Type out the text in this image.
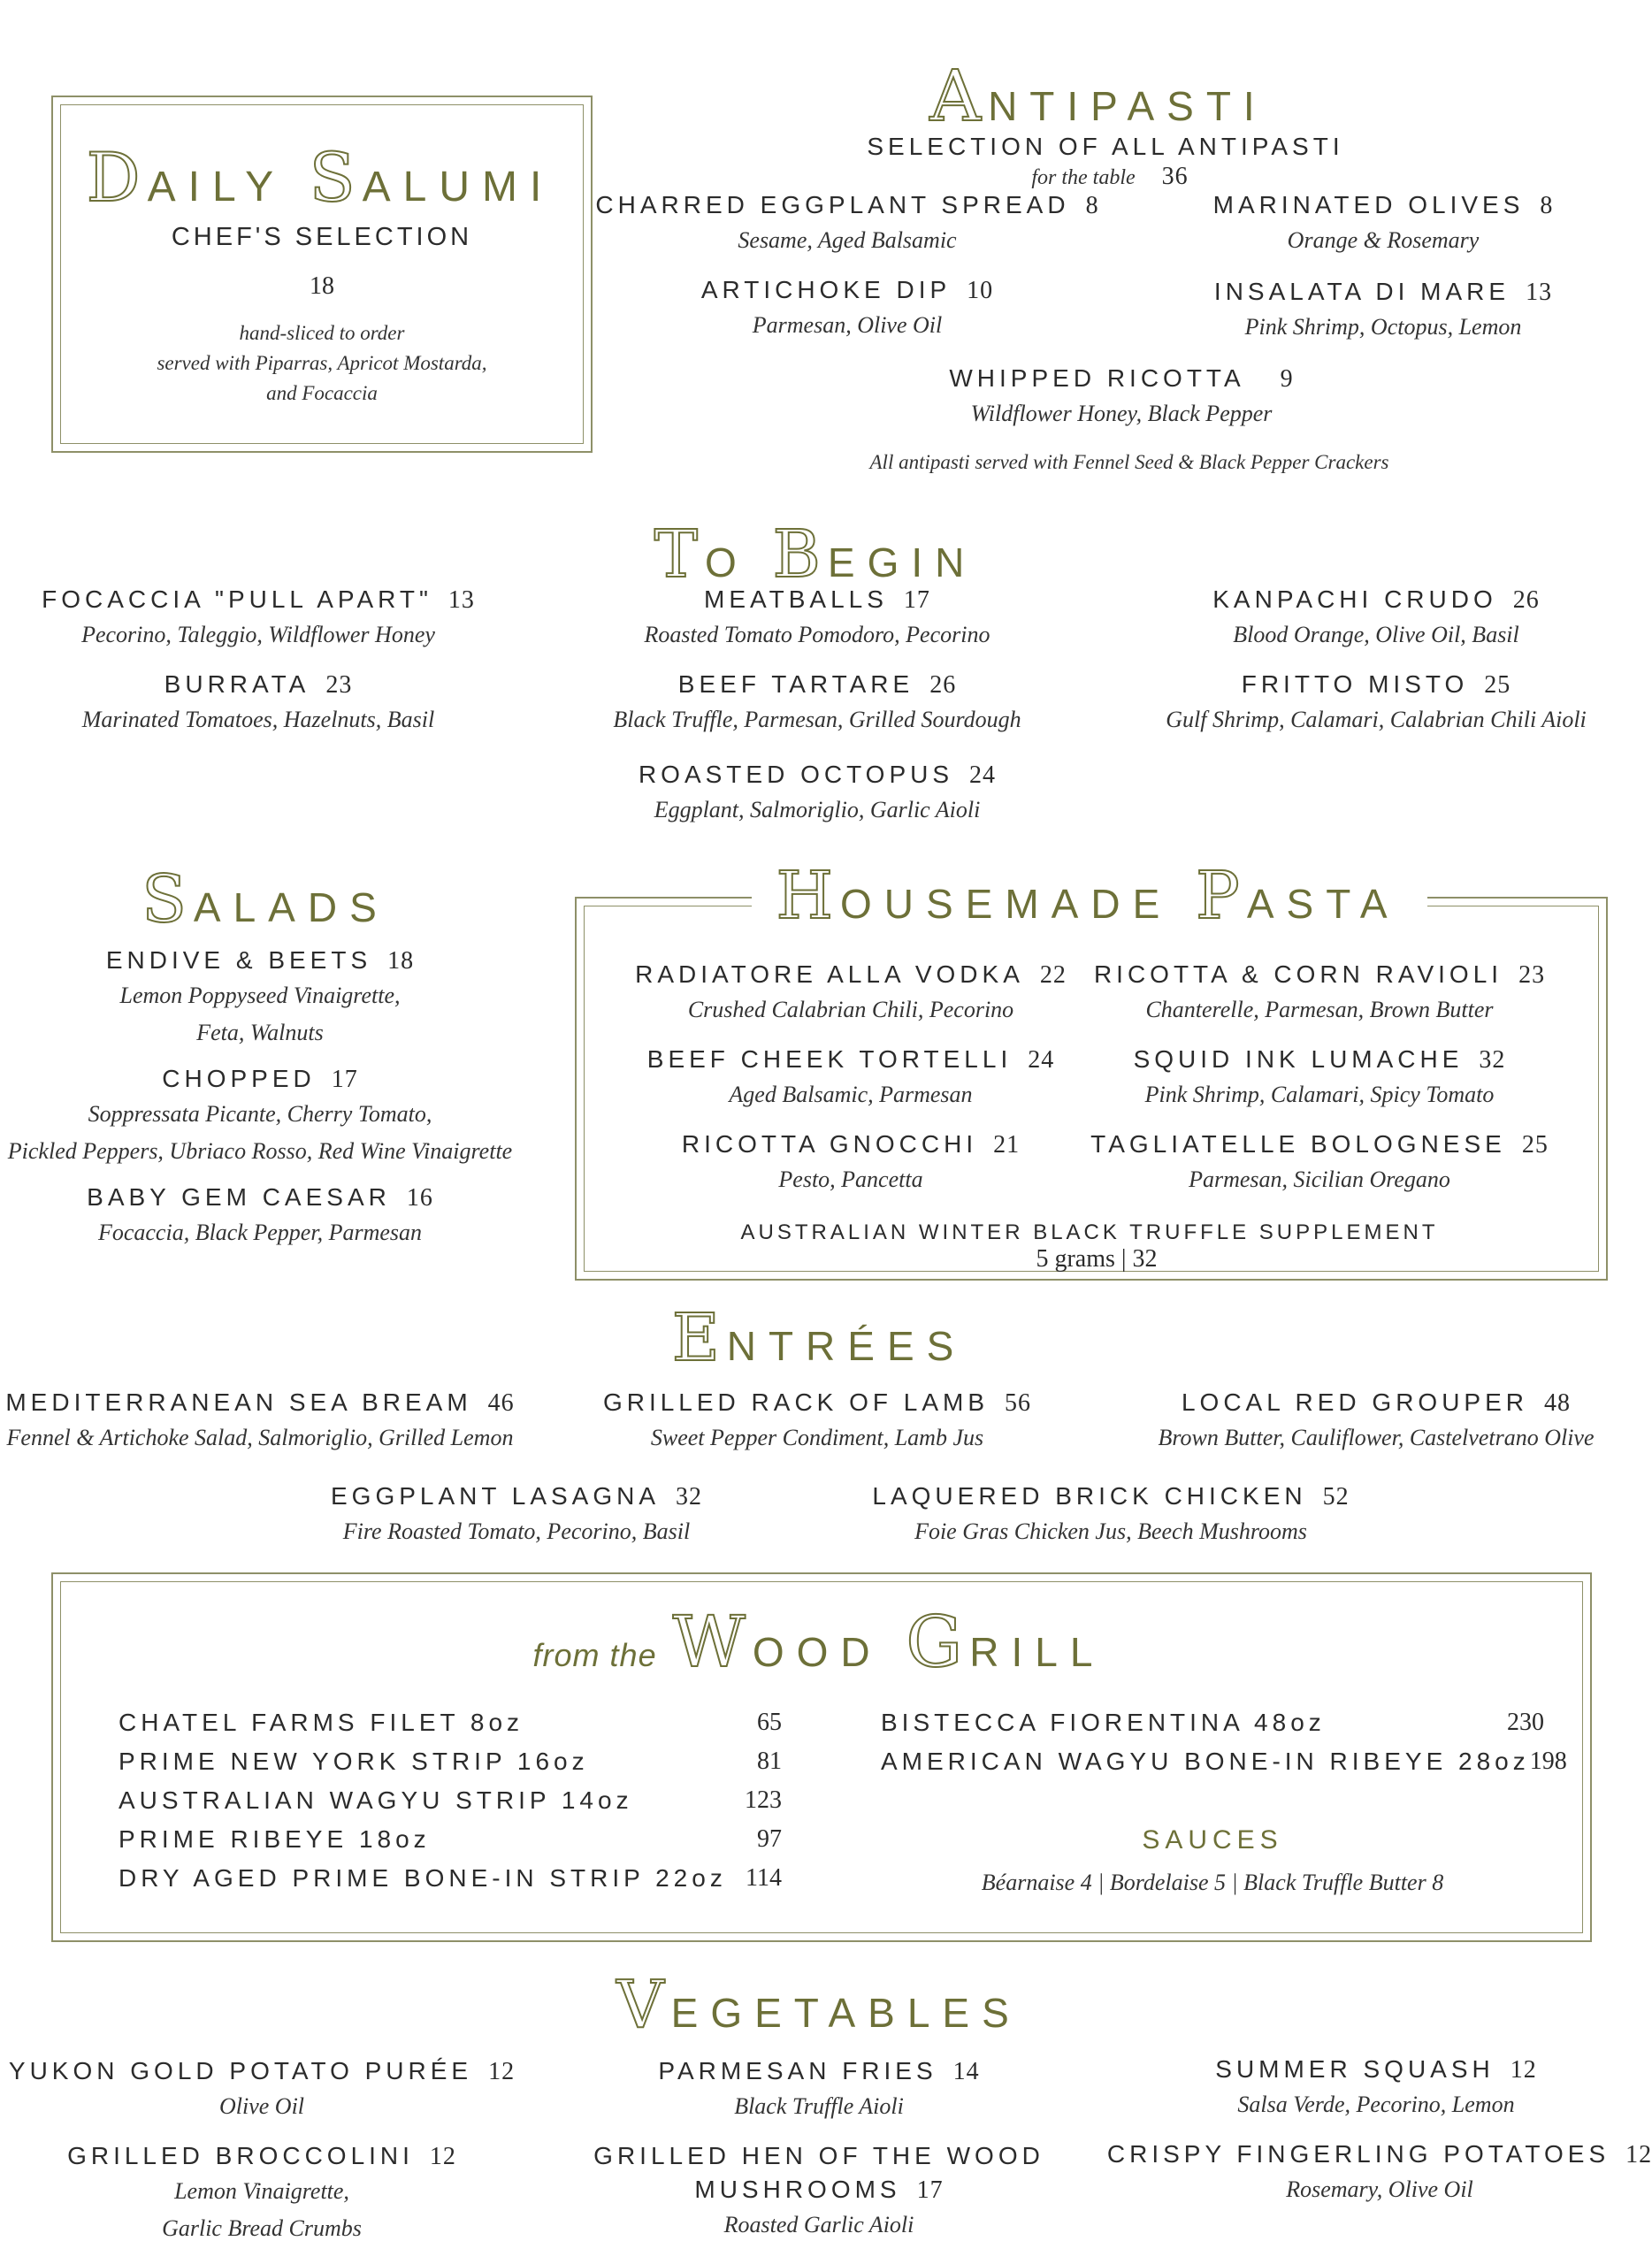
DAILY SALUMI
CHEF'S SELECTION
18
hand-sliced to order
served with Piparras, Apricot Mostarda,
and Focaccia
ANTIPASTI
SELECTION OF ALL ANTIPASTI for the table 36
CHARRED EGGPLANT SPREAD 8
Sesame, Aged Balsamic
MARINATED OLIVES 8
Orange & Rosemary
ARTICHOKE DIP 10
Parmesan, Olive Oil
INSALATA DI MARE 13
Pink Shrimp, Octopus, Lemon
WHIPPED RICOTTA 9
Wildflower Honey, Black Pepper
All antipasti served with Fennel Seed & Black Pepper Crackers
TO BEGIN
FOCACCIA "PULL APART" 13
Pecorino, Taleggio, Wildflower Honey
MEATBALLS 17
Roasted Tomato Pomodoro, Pecorino
KANPACHI CRUDO 26
Blood Orange, Olive Oil, Basil
BURRATA 23
Marinated Tomatoes, Hazelnuts, Basil
BEEF TARTARE 26
Black Truffle, Parmesan, Grilled Sourdough
FRITTO MISTO 25
Gulf Shrimp, Calamari, Calabrian Chili Aioli
ROASTED OCTOPUS 24
Eggplant, Salmoriglio, Garlic Aioli
SALADS
ENDIVE & BEETS 18
Lemon Poppyseed Vinaigrette,
Feta, Walnuts
CHOPPED 17
Soppressata Picante, Cherry Tomato,
Pickled Peppers, Ubriaco Rosso, Red Wine Vinaigrette
BABY GEM CAESAR 16
Focaccia, Black Pepper, Parmesan
HOUSEMADE PASTA
RADIATORE ALLA VODKA 22
Crushed Calabrian Chili, Pecorino
RICOTTA & CORN RAVIOLI 23
Chanterelle, Parmesan, Brown Butter
BEEF CHEEK TORTELLI 24
Aged Balsamic, Parmesan
SQUID INK LUMACHE 32
Pink Shrimp, Calamari, Spicy Tomato
RICOTTA GNOCCHI 21
Pesto, Pancetta
TAGLIATELLE BOLOGNESE 25
Parmesan, Sicilian Oregano
AUSTRALIAN WINTER BLACK TRUFFLE SUPPLEMENT 5 grams | 32
ENTRÉES
MEDITERRANEAN SEA BREAM 46
Fennel & Artichoke Salad, Salmoriglio, Grilled Lemon
GRILLED RACK OF LAMB 56
Sweet Pepper Condiment, Lamb Jus
LOCAL RED GROUPER 48
Brown Butter, Cauliflower, Castelvetrano Olive
EGGPLANT LASAGNA 32
Fire Roasted Tomato, Pecorino, Basil
LAQUERED BRICK CHICKEN 52
Foie Gras Chicken Jus, Beech Mushrooms
from the WOOD GRILL
CHATEL FARMS FILET 8oz	65
PRIME NEW YORK STRIP 16oz	81
AUSTRALIAN WAGYU STRIP 14oz	123
PRIME RIBEYE 18oz	97
DRY AGED PRIME BONE-IN STRIP 22oz 114
BISTECCA FIORENTINA 48oz	230
AMERICAN WAGYU BONE-IN RIBEYE 28oz 198
SAUCES
Béarnaise 4 | Bordelaise 5 | Black Truffle Butter 8
VEGETABLES
YUKON GOLD POTATO PURÉE 12
Olive Oil
PARMESAN FRIES 14
Black Truffle Aioli
SUMMER SQUASH 12
Salsa Verde, Pecorino, Lemon
GRILLED BROCCOLINI 12
Lemon Vinaigrette,
Garlic Bread Crumbs
GRILLED HEN OF THE WOOD
MUSHROOMS 17
Roasted Garlic Aioli
CRISPY FINGERLING POTATOES 12
Rosemary, Olive Oil
